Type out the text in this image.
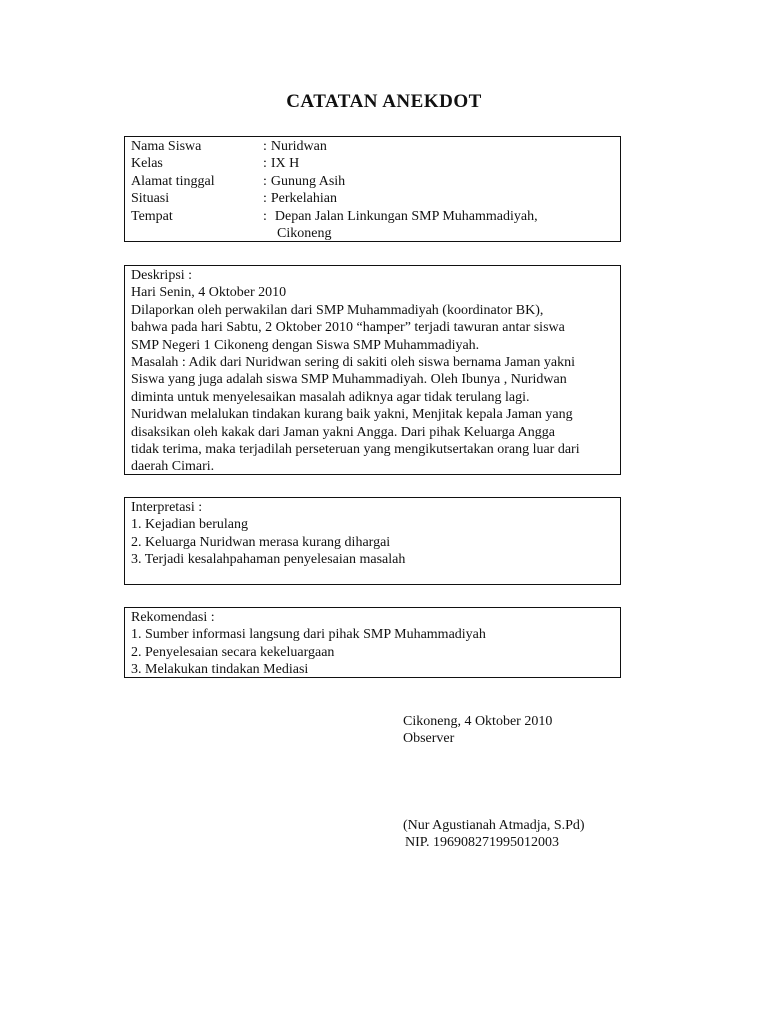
CATATAN ANEKDOT
Nama Siswa	: Nuridwan
Kelas	: IX H
Alamat tinggal	: Gunung Asih
Situasi	: Perkelahian
Tempat	: Depan Jalan Linkungan SMP Muhammadiyah,
Cikoneng
Deskripsi :
Hari Senin, 4 Oktober 2010
Dilaporkan oleh perwakilan dari SMP Muhammadiyah (koordinator BK),
bahwa pada hari Sabtu, 2 Oktober 2010 “hamper” terjadi tawuran antar siswa
SMP Negeri 1 Cikoneng dengan Siswa SMP Muhammadiyah.
Masalah : Adik dari Nuridwan sering di sakiti oleh siswa bernama Jaman yakni
Siswa yang juga adalah siswa SMP Muhammadiyah. Oleh Ibunya , Nuridwan
diminta untuk menyelesaikan masalah adiknya agar tidak terulang lagi.
Nuridwan melalukan tindakan kurang baik yakni, Menjitak kepala Jaman yang
disaksikan oleh kakak dari Jaman yakni Angga. Dari pihak Keluarga Angga
tidak terima, maka terjadilah perseteruan yang mengikutsertakan orang luar dari
daerah Cimari.
Interpretasi :
1. Kejadian berulang
2. Keluarga Nuridwan merasa kurang dihargai
3. Terjadi kesalahpahaman penyelesaian masalah
Rekomendasi :
1. Sumber informasi langsung dari pihak SMP Muhammadiyah
2. Penyelesaian secara kekeluargaan
3. Melakukan tindakan Mediasi
Cikoneng, 4 Oktober 2010
Observer
(Nur Agustianah Atmadja, S.Pd)
NIP. 196908271995012003
